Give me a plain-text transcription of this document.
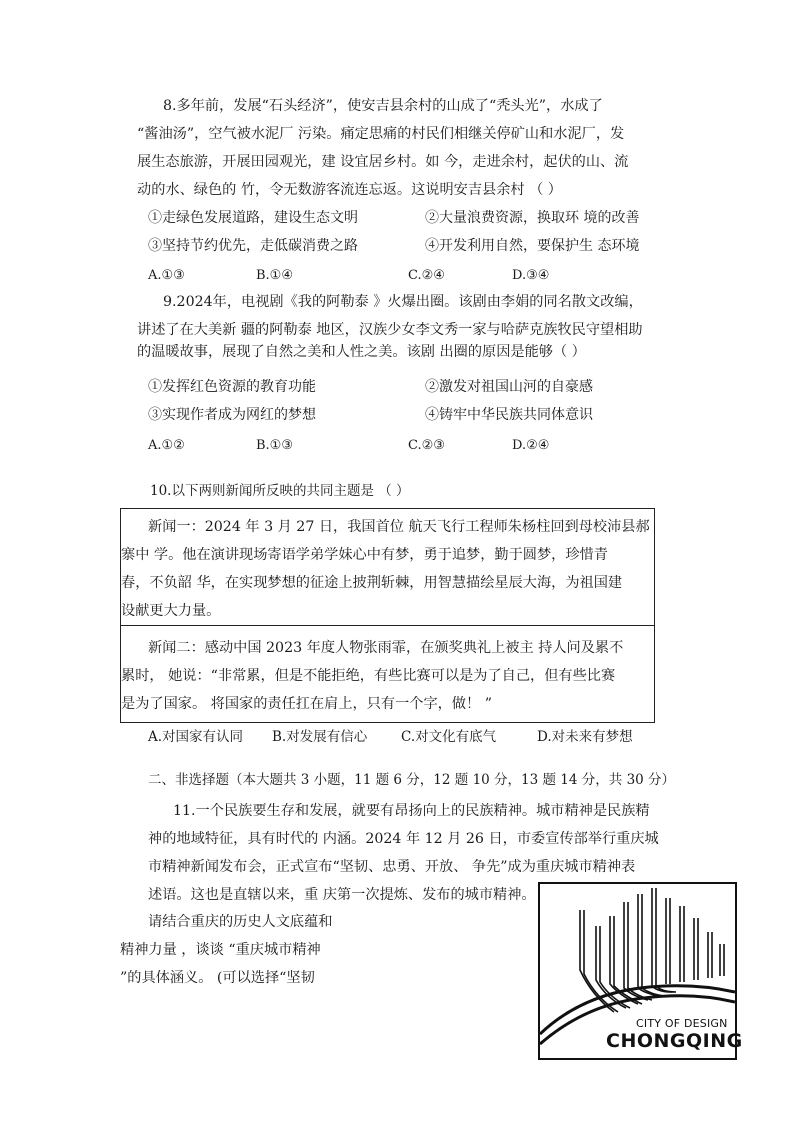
8.多年前，发展“石头经济”，使安吉县余村的山成了“秃头光”，水成了
“酱油汤”，空气被水泥厂 污染。痛定思痛的村民们相继关停矿山和水泥厂，发
展生态旅游，开展田园观光，建 设宜居乡村。如 今，走进余村，起伏的山、流
动的水、绿色的 竹，令无数游客流连忘返。这说明安吉县余村 （ ）
①走绿色发展道路，建设生态文明	②大量浪费资源，换取环 境的改善
③坚持节约优先，走低碳消费之路	④开发利用自然，要保护生 态环境
A.①③	B.①④	C.②④	D.③④
9.2024年，电视剧《我的阿勒泰 》火爆出圈。该剧由李娟的同名散文改编，
讲述了在大美新 疆的阿勒泰 地区，汉族少女李文秀一家与哈萨克族牧民守望相助
的温暖故事，展现了自然之美和人性之美。该剧 出圈的原因是能够（ ）
①发挥红色资源的教育功能	②激发对祖国山河的自豪感
③实现作者成为网红的梦想	④铸牢中华民族共同体意识
A.①②	B.①③	C.②③	D.②④
10.以下两则新闻所反映的共同主题是 （ ）
新闻一：2024 年 3 月 27 日，我国首位 航天飞行工程师朱杨柱回到母校沛县郝
寨中 学。他在演讲现场寄语学弟学妹心中有梦，勇于追梦，勤于圆梦，珍惜青
春，不负韶 华，在实现梦想的征途上披荆斩棘，用智慧描绘星辰大海，为祖国建
设献更大力量。
新闻二：感动中国 2023 年度人物张雨霏，在颁奖典礼上被主 持人问及累不
累时， 她说：“非常累，但是不能拒绝，有些比赛可以是为了自己，但有些比赛
是为了国家。 将国家的责任扛在肩上，只有一个字，做！ ”
A.对国家有认同 B.对发展有信心	C.对文化有底气	D.对未来有梦想
二、非选择题（本大题共 3 小题，11 题 6 分，12 题 10 分，13 题 14 分，共 30 分）
11.一个民族要生存和发展，就要有昂扬向上的民族精神。城市精神是民族精
神的地域特征，具有时代的 内涵。2024 年 12 月 26 日，市委宣传部举行重庆城
市精神新闻发布会，正式宣布“坚韧、忠勇、开放、 争先”成为重庆城市精神表
述语。这也是直辖以来，重 庆第一次提炼、发布的城市精神。
请结合重庆的历史人文底蕴和
精神力量 ，谈谈 “重庆城市精神
”的具体涵义。 (可以选择“坚韧
CITY OF DESIGN
CHONGQING
